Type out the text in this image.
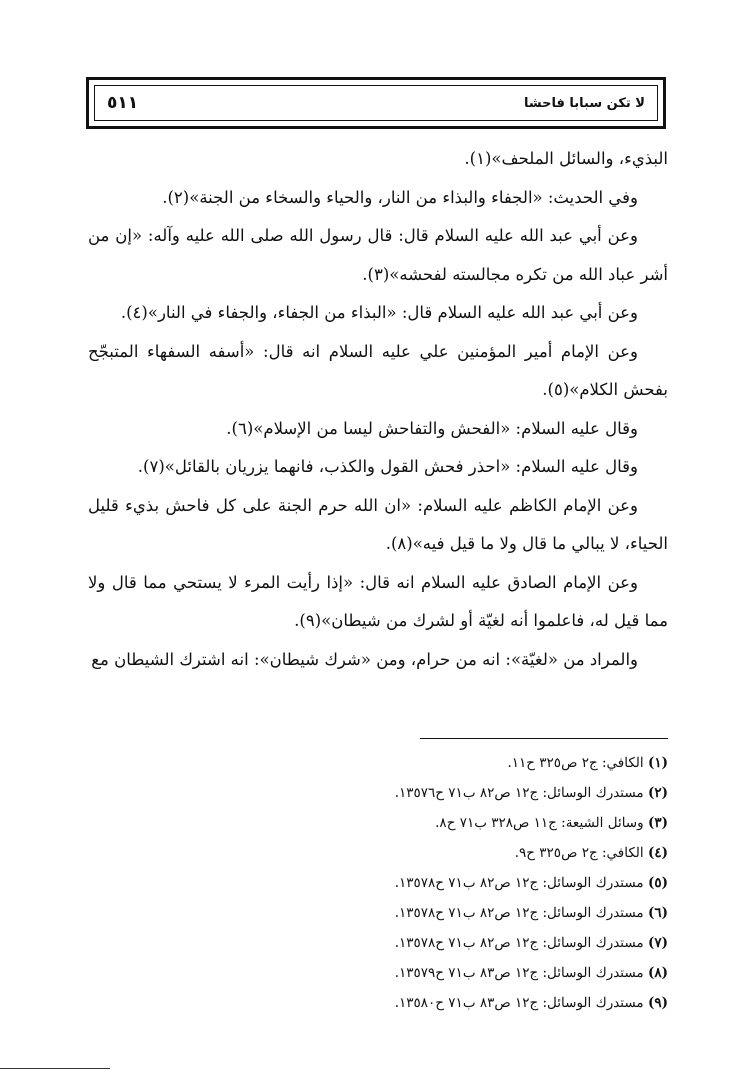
٥١١	لا تكن سبابا فاحشا

البذيء، والسائل الملحف»(١).

وفي الحديث: «الجفاء والبذاء من النار، والحياء والسخاء من الجنة»(٢).

وعن أبي عبد الله عليه السلام قال: قال رسول الله صلى الله عليه وآله: «إن من أشر عباد الله من تكره مجالسته لفحشه»(٣).

وعن أبي عبد الله عليه السلام قال: «البذاء من الجفاء، والجفاء في النار»(٤).

وعن الإمام أمير المؤمنين علي عليه السلام انه قال: «أسفه السفهاء المتبجّح بفحش الكلام»(٥).

وقال عليه السلام: «الفحش والتفاحش ليسا من الإسلام»(٦).

وقال عليه السلام: «احذر فحش القول والكذب، فانهما يزريان بالقائل»(٧).

وعن الإمام الكاظم عليه السلام: «ان الله حرم الجنة على كل فاحش بذيء قليل الحياء، لا يبالي ما قال ولا ما قيل فيه»(٨).

وعن الإمام الصادق عليه السلام انه قال: «إذا رأيت المرء لا يستحي مما قال ولا مما قيل له، فاعلموا أنه لغيّة أو لشرك من شيطان»(٩).

والمراد من «لغيّة»: انه من حرام، ومن «شرك شيطان»: انه اشترك الشيطان مع

(١) الكافي: ج٢ ص٣٢٥ ح١١.

(٢) مستدرك الوسائل: ج١٢ ص٨٢ ب٧١ ح١٣٥٧٦.

(٣) وسائل الشيعة: ج١١ ص٣٢٨ ب٧١ ح٨.

(٤) الكافي: ج٢ ص٣٢٥ ح٩.

(٥) مستدرك الوسائل: ج١٢ ص٨٢ ب٧١ ح١٣٥٧٨.

(٦) مستدرك الوسائل: ج١٢ ص٨٢ ب٧١ ح١٣٥٧٨.

(٧) مستدرك الوسائل: ج١٢ ص٨٢ ب٧١ ح١٣٥٧٨.

(٨) مستدرك الوسائل: ج١٢ ص٨٣ ب٧١ ح١٣٥٧٩.

(٩) مستدرك الوسائل: ج١٢ ص٨٣ ب٧١ ح١٣٥٨٠.
